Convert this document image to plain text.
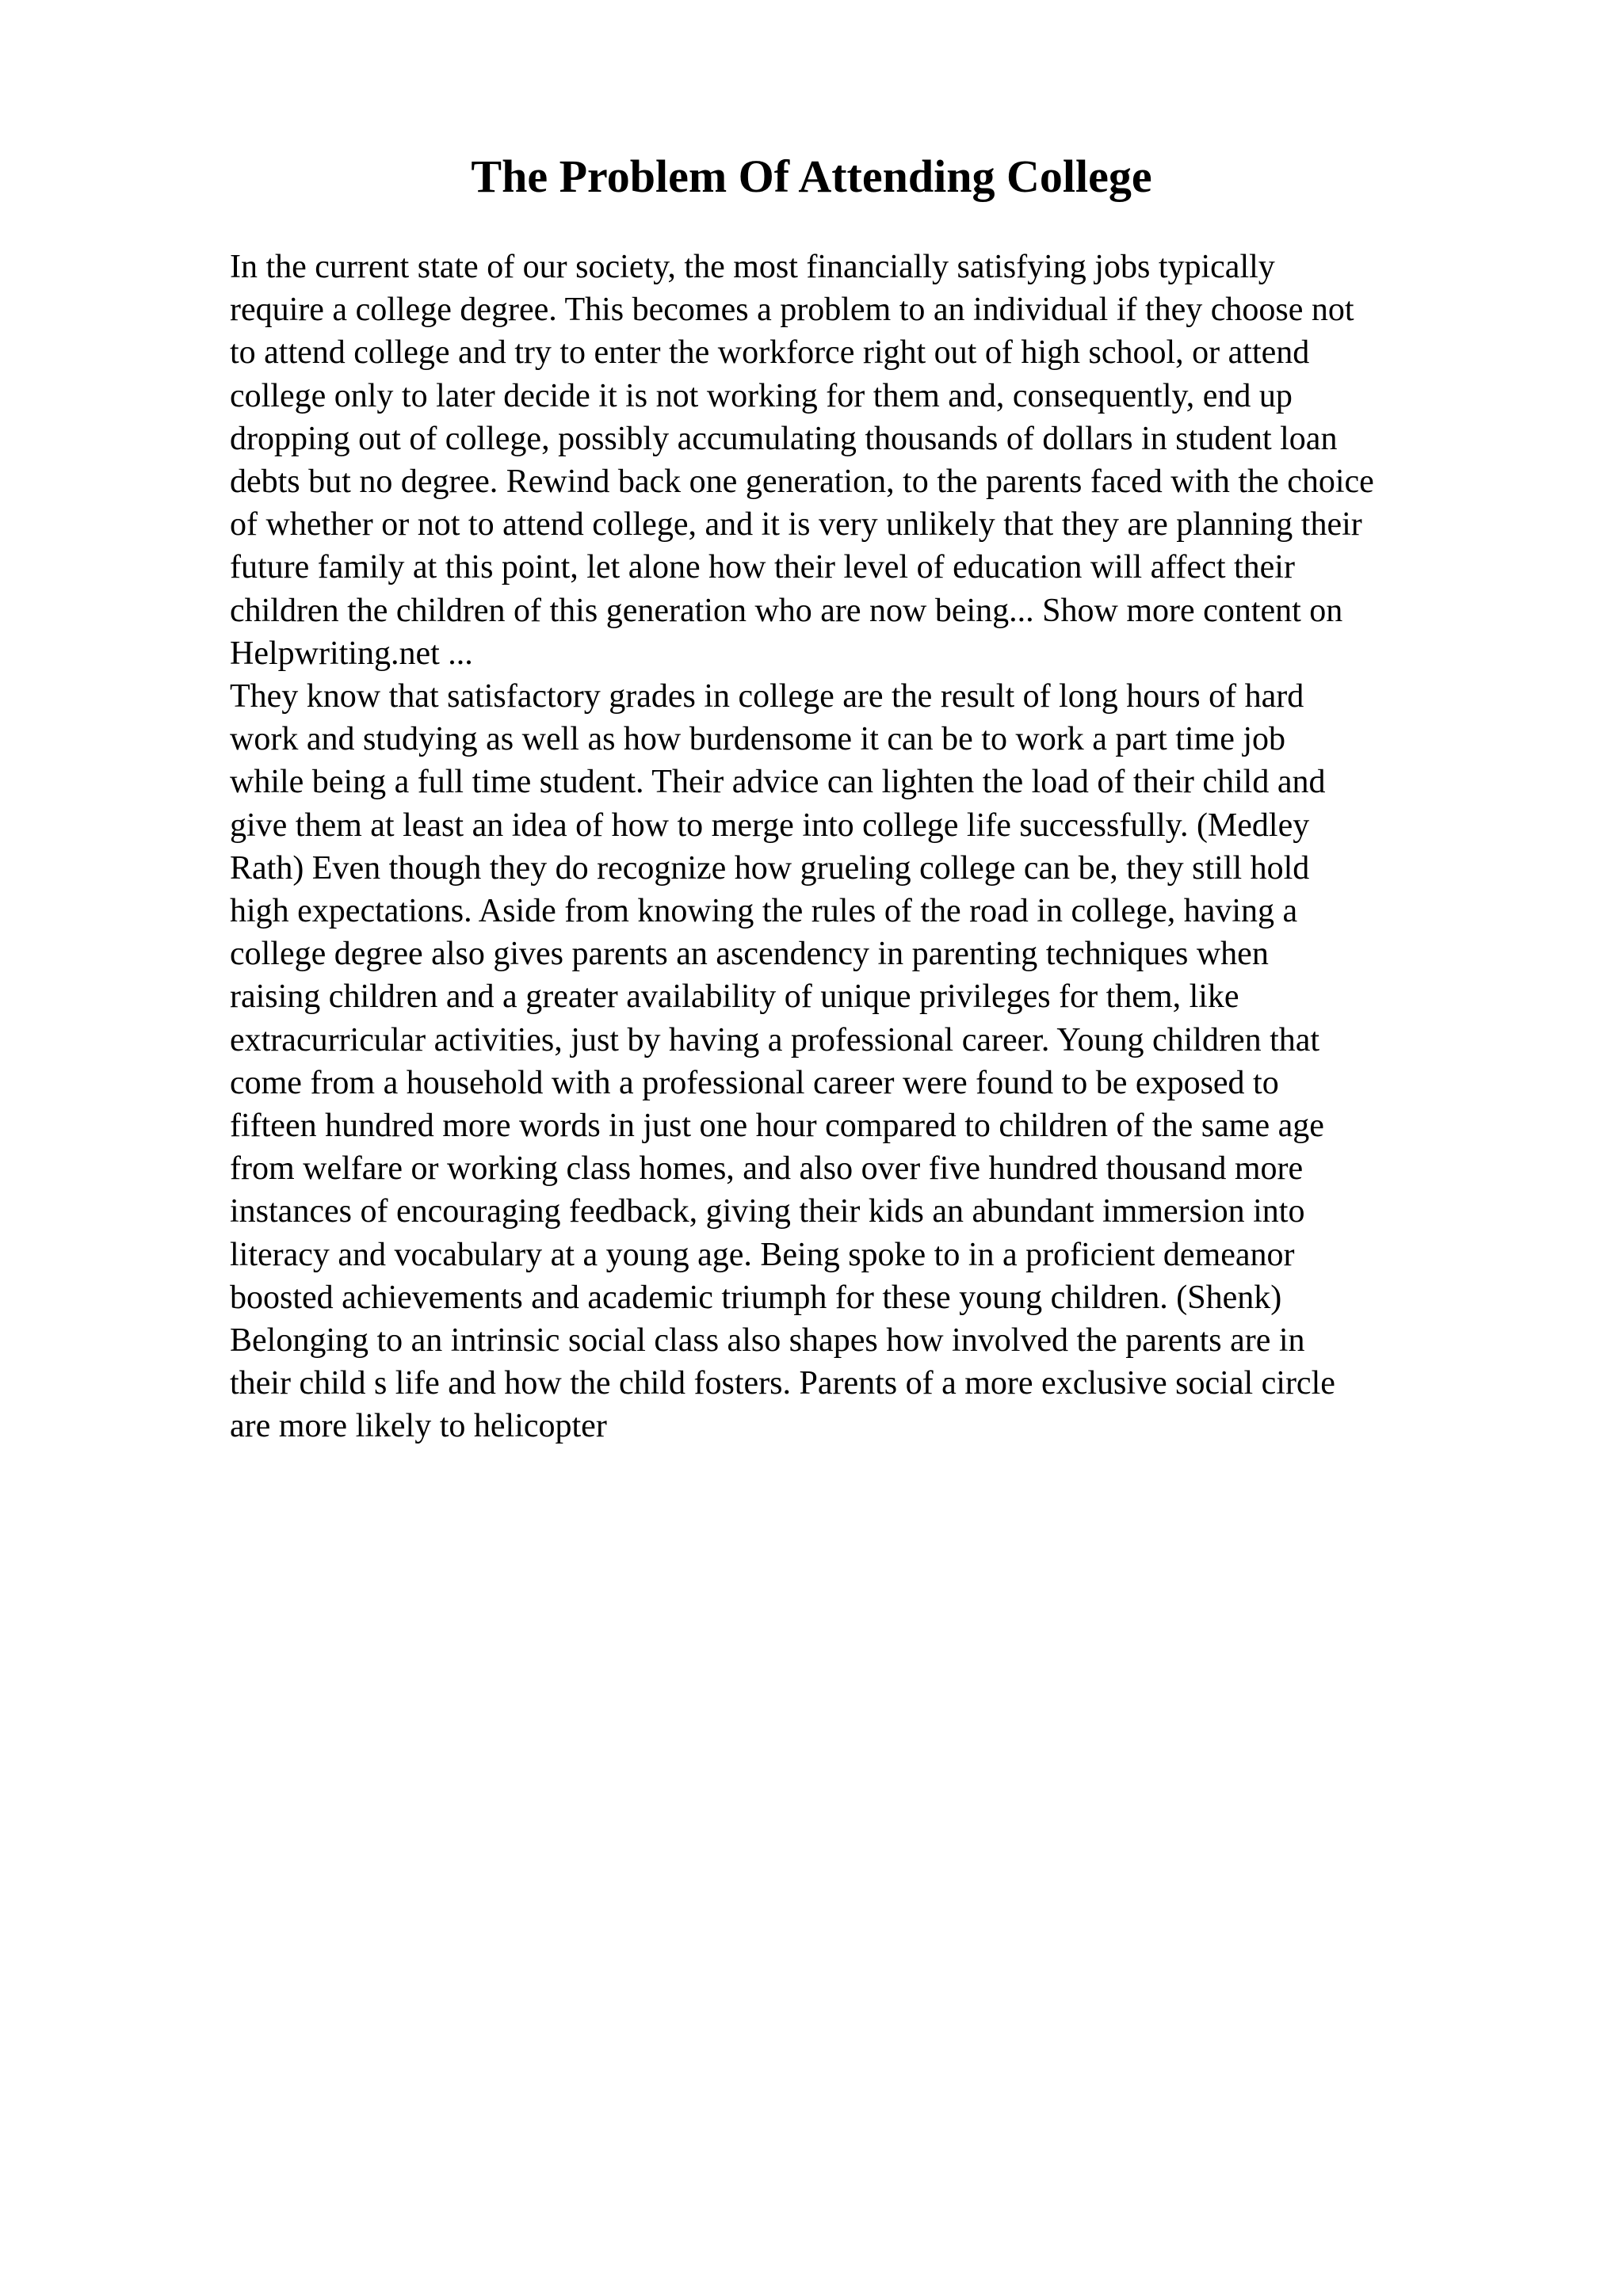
The Problem Of Attending College
In the current state of our society, the most financially satisfying jobs typically
require a college degree. This becomes a problem to an individual if they choose not
to attend college and try to enter the workforce right out of high school, or attend
college only to later decide it is not working for them and, consequently, end up
dropping out of college, possibly accumulating thousands of dollars in student loan
debts but no degree. Rewind back one generation, to the parents faced with the choice
of whether or not to attend college, and it is very unlikely that they are planning their
future family at this point, let alone how their level of education will affect their
children the children of this generation who are now being... Show more content on
Helpwriting.net ...
They know that satisfactory grades in college are the result of long hours of hard
work and studying as well as how burdensome it can be to work a part time job
while being a full time student. Their advice can lighten the load of their child and
give them at least an idea of how to merge into college life successfully. (Medley
Rath) Even though they do recognize how grueling college can be, they still hold
high expectations. Aside from knowing the rules of the road in college, having a
college degree also gives parents an ascendency in parenting techniques when
raising children and a greater availability of unique privileges for them, like
extracurricular activities, just by having a professional career. Young children that
come from a household with a professional career were found to be exposed to
fifteen hundred more words in just one hour compared to children of the same age
from welfare or working class homes, and also over five hundred thousand more
instances of encouraging feedback, giving their kids an abundant immersion into
literacy and vocabulary at a young age. Being spoke to in a proficient demeanor
boosted achievements and academic triumph for these young children. (Shenk)
Belonging to an intrinsic social class also shapes how involved the parents are in
their child s life and how the child fosters. Parents of a more exclusive social circle
are more likely to helicopter
